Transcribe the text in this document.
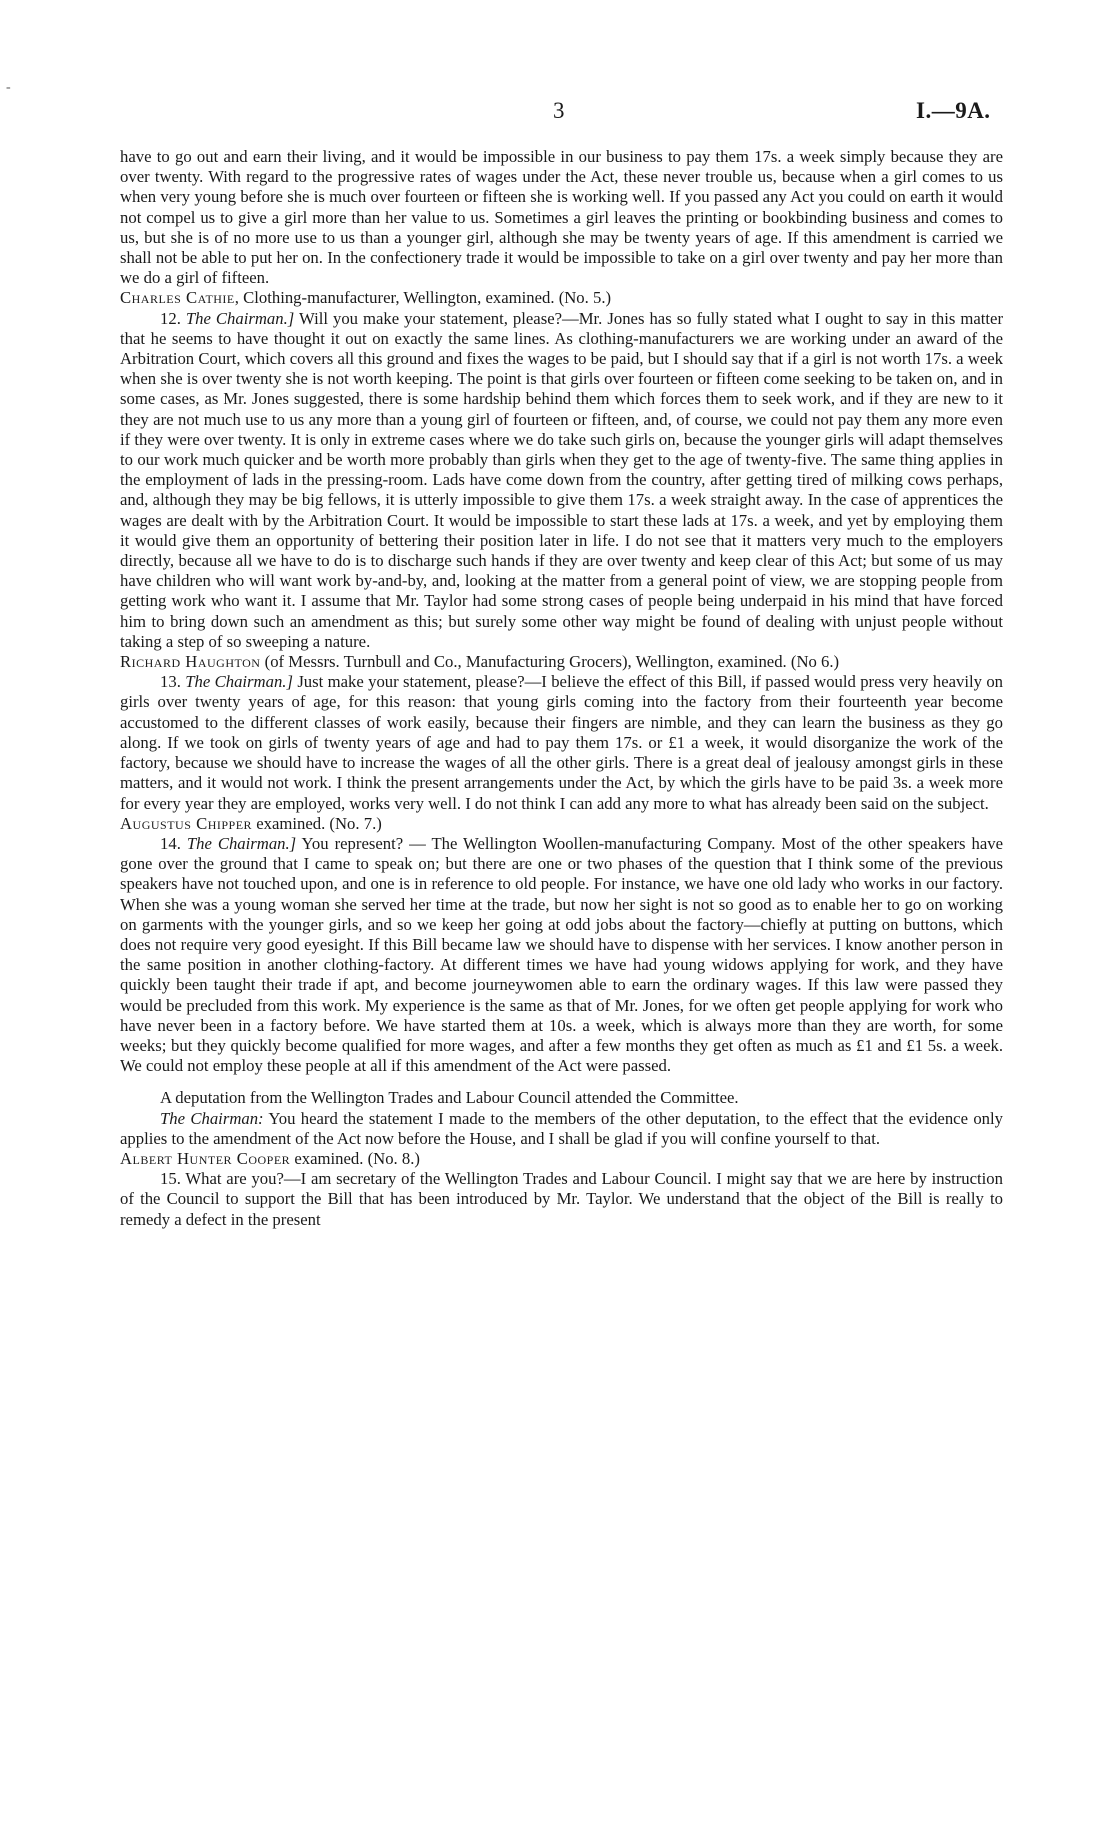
-
3	I.—9A.

have to go out and earn their living, and it would be impossible in our business to pay them 17s. a week simply because they are over twenty. With regard to the progressive rates of wages under the Act, these never trouble us, because when a girl comes to us when very young before she is much over fourteen or fifteen she is working well. If you passed any Act you could on earth it would not compel us to give a girl more than her value to us. Sometimes a girl leaves the printing or bookbinding business and comes to us, but she is of no more use to us than a younger girl, although she may be twenty years of age. If this amendment is carried we shall not be able to put her on. In the confectionery trade it would be impossible to take on a girl over twenty and pay her more than we do a girl of fifteen.

Charles Cathie, Clothing-manufacturer, Wellington, examined. (No. 5.)

12. The Chairman.] Will you make your statement, please?—Mr. Jones has so fully stated what I ought to say in this matter that he seems to have thought it out on exactly the same lines. As clothing-manufacturers we are working under an award of the Arbitration Court, which covers all this ground and fixes the wages to be paid, but I should say that if a girl is not worth 17s. a week when she is over twenty she is not worth keeping. The point is that girls over fourteen or fifteen come seeking to be taken on, and in some cases, as Mr. Jones suggested, there is some hardship behind them which forces them to seek work, and if they are new to it they are not much use to us any more than a young girl of fourteen or fifteen, and, of course, we could not pay them any more even if they were over twenty. It is only in extreme cases where we do take such girls on, because the younger girls will adapt themselves to our work much quicker and be worth more probably than girls when they get to the age of twenty-five. The same thing applies in the employment of lads in the pressing-room. Lads have come down from the country, after getting tired of milking cows perhaps, and, although they may be big fellows, it is utterly impossible to give them 17s. a week straight away. In the case of apprentices the wages are dealt with by the Arbitration Court. It would be impossible to start these lads at 17s. a week, and yet by employing them it would give them an opportunity of bettering their position later in life. I do not see that it matters very much to the employers directly, because all we have to do is to discharge such hands if they are over twenty and keep clear of this Act; but some of us may have children who will want work by-and-by, and, looking at the matter from a general point of view, we are stopping people from getting work who want it. I assume that Mr. Taylor had some strong cases of people being underpaid in his mind that have forced him to bring down such an amendment as this; but surely some other way might be found of dealing with unjust people without taking a step of so sweeping a nature.

Richard Haughton (of Messrs. Turnbull and Co., Manufacturing Grocers), Wellington, examined. (No 6.)

13. The Chairman.] Just make your statement, please?—I believe the effect of this Bill, if passed would press very heavily on girls over twenty years of age, for this reason: that young girls coming into the factory from their fourteenth year become accustomed to the different classes of work easily, because their fingers are nimble, and they can learn the business as they go along. If we took on girls of twenty years of age and had to pay them 17s. or £1 a week, it would disorganize the work of the factory, because we should have to increase the wages of all the other girls. There is a great deal of jealousy amongst girls in these matters, and it would not work. I think the present arrangements under the Act, by which the girls have to be paid 3s. a week more for every year they are employed, works very well. I do not think I can add any more to what has already been said on the subject.

Augustus Chipper examined. (No. 7.)

14. The Chairman.] You represent? — The Wellington Woollen-manufacturing Company. Most of the other speakers have gone over the ground that I came to speak on; but there are one or two phases of the question that I think some of the previous speakers have not touched upon, and one is in reference to old people. For instance, we have one old lady who works in our factory. When she was a young woman she served her time at the trade, but now her sight is not so good as to enable her to go on working on garments with the younger girls, and so we keep her going at odd jobs about the factory—chiefly at putting on buttons, which does not require very good eyesight. If this Bill became law we should have to dispense with her services. I know another person in the same position in another clothing-factory. At different times we have had young widows applying for work, and they have quickly been taught their trade if apt, and become journeywomen able to earn the ordinary wages. If this law were passed they would be precluded from this work. My experience is the same as that of Mr. Jones, for we often get people applying for work who have never been in a factory before. We have started them at 10s. a week, which is always more than they are worth, for some weeks; but they quickly become qualified for more wages, and after a few months they get often as much as £1 and £1 5s. a week. We could not employ these people at all if this amendment of the Act were passed.

A deputation from the Wellington Trades and Labour Council attended the Committee.

The Chairman: You heard the statement I made to the members of the other deputation, to the effect that the evidence only applies to the amendment of the Act now before the House, and I shall be glad if you will confine yourself to that.

Albert Hunter Cooper examined. (No. 8.)

15. What are you?—I am secretary of the Wellington Trades and Labour Council. I might say that we are here by instruction of the Council to support the Bill that has been introduced by Mr. Taylor. We understand that the object of the Bill is really to remedy a defect in the present
